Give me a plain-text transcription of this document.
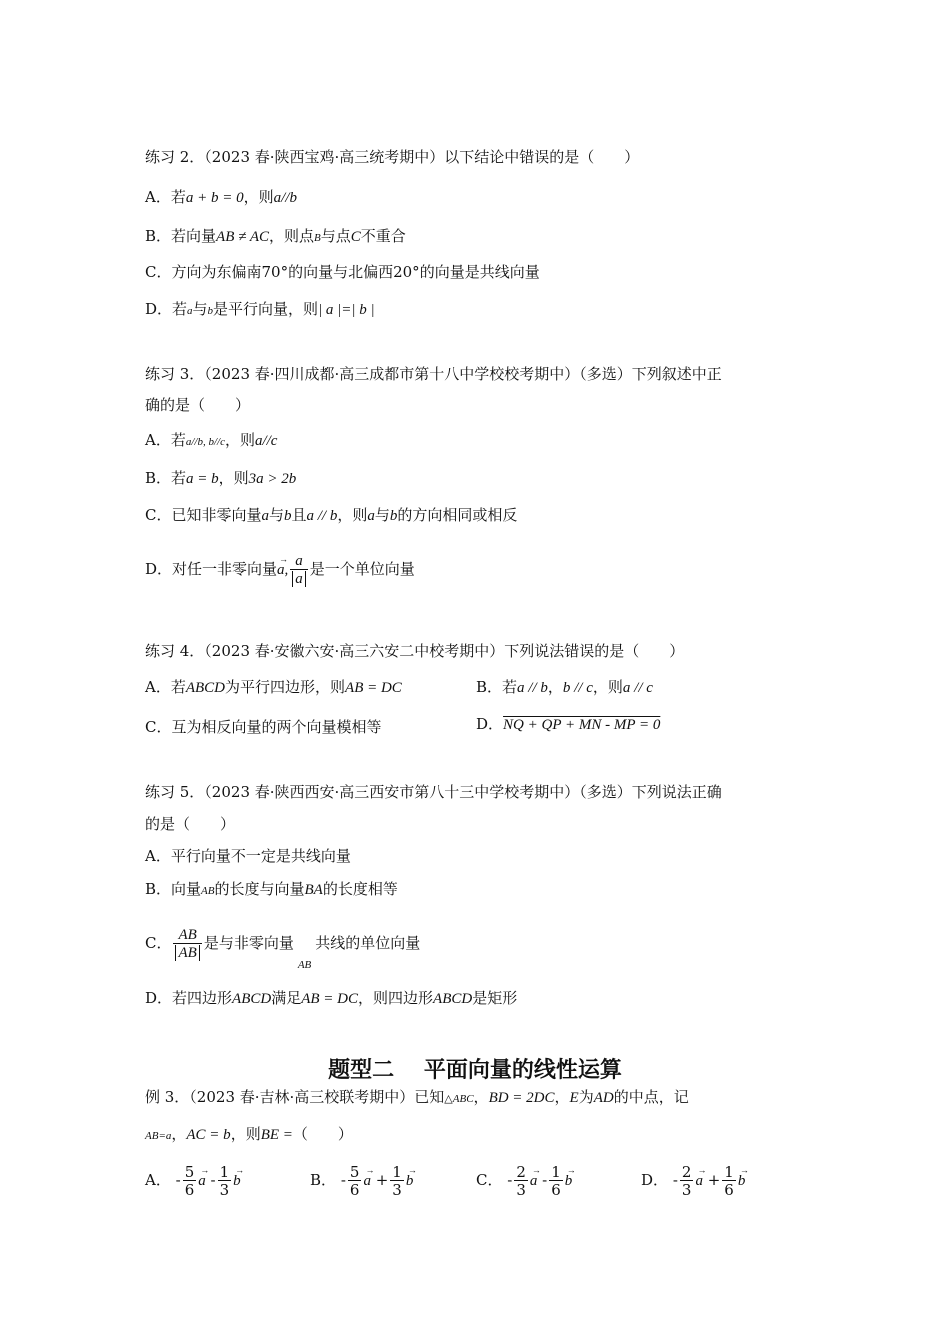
练习 2．（2023 春·陕西宝鸡·高三统考期中）以下结论中错误的是（　　）
A．若a + b = 0，则a//b
B．若向量AB ≠ AC，则点B与点C不重合
C．方向为东偏南70°的向量与北偏西20°的向量是共线向量
D．若a与b是平行向量，则| a |=| b |
练习 3．（2023 春·四川成都·高三成都市第十八中学校校考期中）（多选）下列叙述中正
确的是（　　）
A．若a//b, b//c，则a//c
B．若a = b，则3a > 2b
C．已知非零向量a与b且a // b，则a与b的方向相同或相反
D．对任一非零向量→ a, $\frac{a}{a}$ 是一个单位向量
练习 4．（2023 春·安徽六安·高三六安二中校考期中）下列说法错误的是（　　）
A．若ABCD为平行四边形，则AB = DC	B．若a // b，b // c，则a // c
C．互为相反向量的两个向量模相等	D．NQ + QP + MN - MP = 0
练习 5．（2023 春·陕西西安·高三西安市第八十三中学校考期中）（多选）下列说法正确
的是（　　）
A．平行向量不一定是共线向量
B．向量AB的长度与向量BA的长度相等
C． $\frac{AB}{AB}$ 是与非零向量$_{AB}$共线的单位向量
D．若四边形ABCD满足AB = DC，则四边形ABCD是矩形
题型二　 平面向量的线性运算
例 3．（2023 春·吉林·高三校联考期中）已知△ABC，BD = 2DC，E为AD的中点，记
AB=a，AC = b，则BE =（　　）
A． - $\frac{5}{6} \to a - \frac{1}{3} \to b$	B． - $\frac{5}{6} \to a + \frac{1}{3} \to b$	C． - $\frac{2}{3} \to a - \frac{1}{6} \to b$	D． - $\frac{2}{3} \to a + \frac{1}{6} \to b$
